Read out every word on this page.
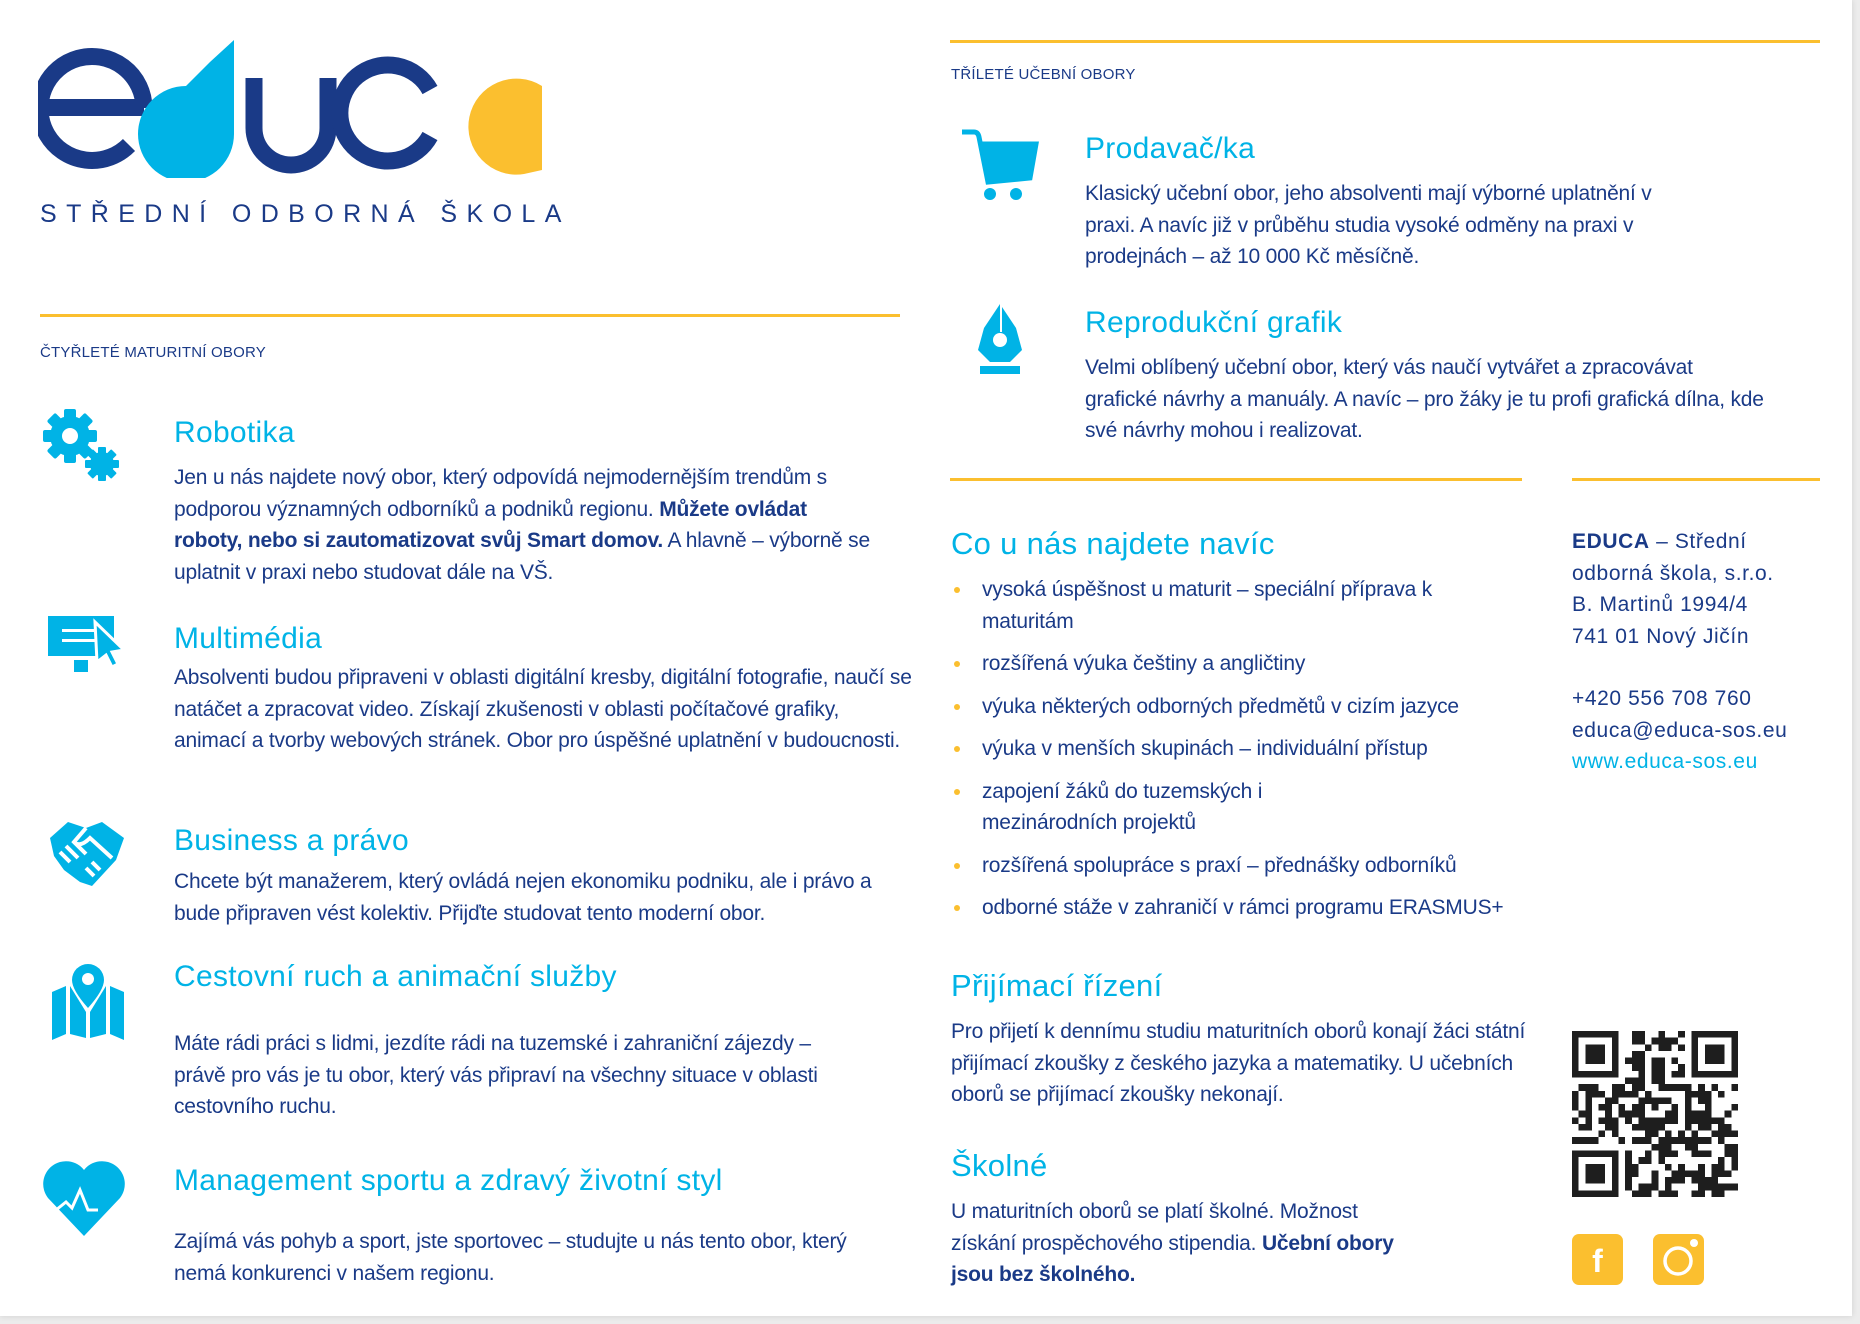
educa
STŘEDNÍ ODBORNÁ ŠKOLA
ČTYŘLETÉ MATURITNÍ OBORY
Robotika

Jen u nás najdete nový obor, který odpovídá nejmodernějším trendům s podporou významných odborníků a podniků regionu. Můžete ovládat roboty, nebo si zautomatizovat svůj Smart domov. A hlavně – výborně se uplatnit v praxi nebo studovat dále na VŠ.

Multimédia

Absolventi budou připraveni v oblasti digitální kresby, digitální fotografie, naučí se natáčet a zpracovat video. Získají zkušenosti v oblasti počítačové grafiky, animací a tvorby webových stránek. Obor pro úspěšné uplatnění v budoucnosti.

Business a právo

Chcete být manažerem, který ovládá nejen ekonomiku podniku, ale i právo a bude připraven vést kolektiv. Přijďte studovat tento moderní obor.

Cestovní ruch a animační služby

Máte rádi práci s lidmi, jezdíte rádi na tuzemské i zahraniční zájezdy – právě pro vás je tu obor, který vás připraví na všechny situace v oblasti cestovního ruchu.

Management sportu a zdravý životní styl

Zajímá vás pohyb a sport, jste sportovec – studujte u nás tento obor, který nemá konkurenci v našem regionu.

TŘÍLETÉ UČEBNÍ OBORY
Prodavač/ka

Klasický učební obor, jeho absolventi mají výborné uplatnění v praxi. A navíc již v průběhu studia vysoké odměny na praxi v prodejnách – až 10 000 Kč měsíčně.

Reprodukční grafik

Velmi oblíbený učební obor, který vás naučí vytvářet a zpracovávat grafické návrhy a manuály. A navíc – pro žáky je tu profi grafická dílna, kde své návrhy mohou i realizovat.

Co u nás najdete navíc
vysoká úspěšnost u maturit – speciální příprava k maturitám
rozšířená výuka češtiny a angličtiny
výuka některých odborných předmětů v cizím jazyce
výuka v menších skupinách – individuální přístup
zapojení žáků do tuzemských i mezinárodních projektů
rozšířená spolupráce s praxí – přednášky odborníků
odborné stáže v zahraničí v rámci programu ERASMUS+
Přijímací řízení

Pro přijetí k dennímu studiu maturitních oborů konají žáci státní přijímací zkoušky z českého jazyka a matematiky. U učebních oborů se přijímací zkoušky nekonají.

Školné

U maturitních oborů se platí školné. Možnost získání prospěchového stipendia. Učební obory jsou bez školného.

EDUCA – Střední odborná škola, s.r.o.
B. Martinů 1994/4
741 01 Nový Jičín
+420 556 708 760
educa@educa-sos.eu
www.educa-sos.eu
f
